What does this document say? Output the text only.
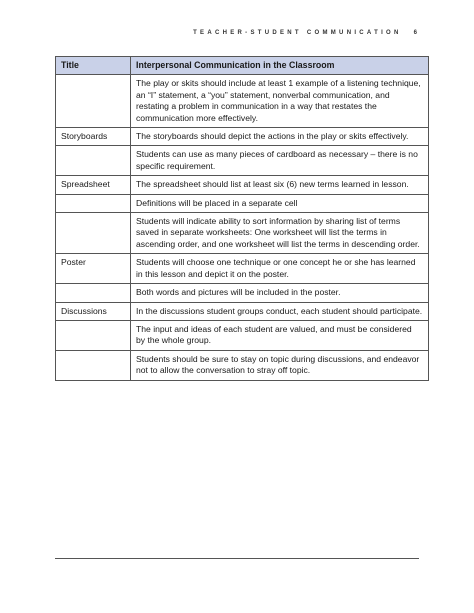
TEACHER-STUDENT COMMUNICATION 6
Title	Interpersonal Communication in the Classroom
	The play or skits should include at least 1 example of a listening technique, an “I” statement, a “you” statement, nonverbal communication, and restating a problem in communication in a way that restates the communication more effectively.
Storyboards	The storyboards should depict the actions in the play or skits effectively.
	Students can use as many pieces of cardboard as necessary – there is no specific requirement.
Spreadsheet	The spreadsheet should list at least six (6) new terms learned in lesson.
	Definitions will be placed in a separate cell
	Students will indicate ability to sort information by sharing list of terms saved in separate worksheets: One worksheet will list the terms in ascending order, and one worksheet will list the terms in descending order.
Poster	Students will choose one technique or one concept he or she has learned in this lesson and depict it on the poster.
	Both words and pictures will be included in the poster.
Discussions	In the discussions student groups conduct, each student should participate.
	The input and ideas of each student are valued, and must be considered by the whole group.
	Students should be sure to stay on topic during discussions, and endeavor not to allow the conversation to stray off topic.
